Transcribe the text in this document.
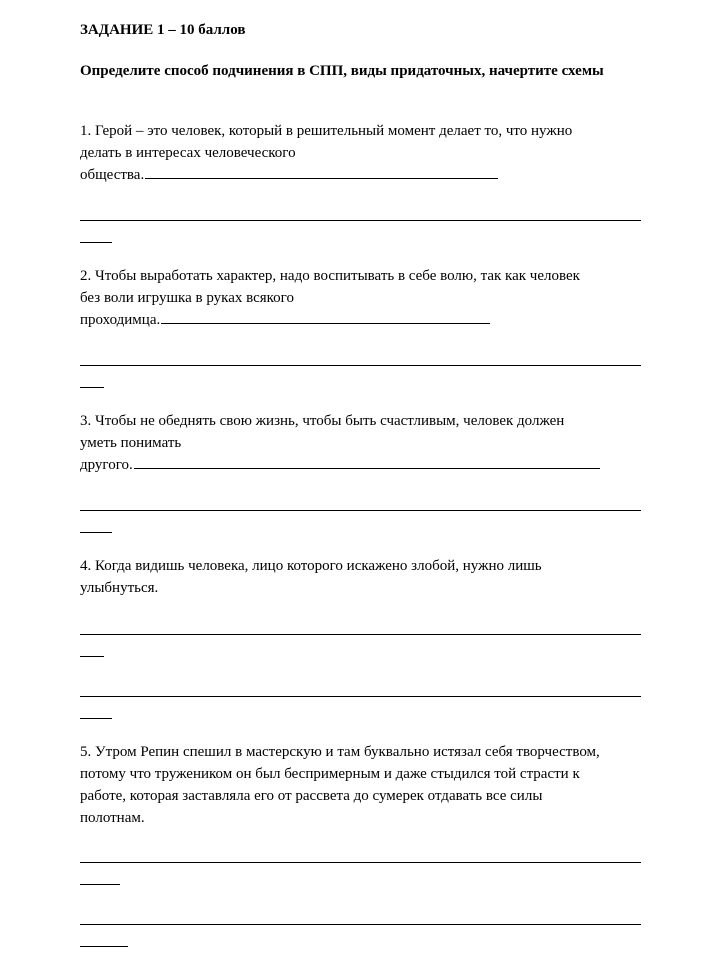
ЗАДАНИЕ 1 – 10 баллов
Определите способ подчинения в СПП, виды придаточных, начертите схемы
1. Герой – это человек, который в решительный момент делает то, что нужно
делать в интересах человеческого
общества.
2. Чтобы выработать характер, надо воспитывать в себе волю, так как человек
без воли игрушка в руках всякого
проходимца.
3. Чтобы не обеднять свою жизнь, чтобы быть счастливым, человек должен
уметь понимать
другого.
4. Когда видишь человека, лицо которого искажено злобой, нужно лишь
улыбнуться.
5. Утром Репин спешил в мастерскую и там буквально истязал себя творчеством,
потому что тружеником он был беспримерным и даже стыдился той страсти к
работе, которая заставляла его от рассвета до сумерек отдавать все силы
полотнам.
